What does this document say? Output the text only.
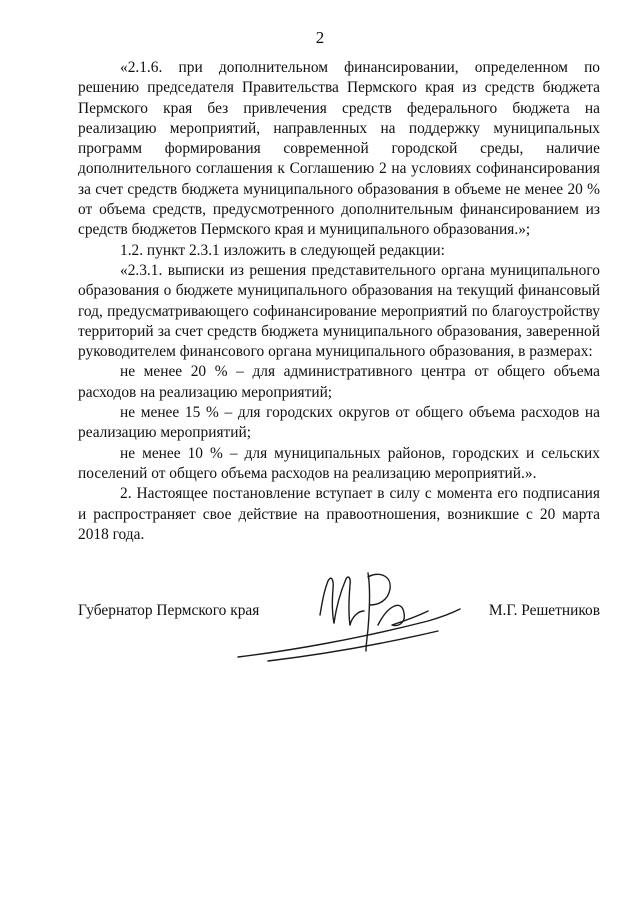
2

«2.1.6. при дополнительном финансировании, определенном по решению председателя Правительства Пермского края из средств бюджета Пермского края без привлечения средств федерального бюджета на реализацию мероприятий, направленных на поддержку муниципальных программ формирования современной городской среды, наличие дополнительного соглашения к Соглашению 2 на условиях софинансирования за счет средств бюджета муниципального образования в объеме не менее 20 % от объема средств, предусмотренного дополнительным финансированием из средств бюджетов Пермского края и муниципального образования.»;

1.2. пункт 2.3.1 изложить в следующей редакции:

«2.3.1. выписки из решения представительного органа муниципального образования о бюджете муниципального образования на текущий финансовый год, предусматривающего софинансирование мероприятий по благоустройству территорий за счет средств бюджета муниципального образования, заверенной руководителем финансового органа муниципального образования, в размерах:

не менее 20 % – для административного центра от общего объема расходов на реализацию мероприятий;

не менее 15 % – для городских округов от общего объема расходов на реализацию мероприятий;

не менее 10 % – для муниципальных районов, городских и сельских поселений от общего объема расходов на реализацию мероприятий.».

2. Настоящее постановление вступает в силу с момента его подписания и распространяет свое действие на правоотношения, возникшие с 20 марта 2018 года.

Губернатор Пермского края	М.Г. Решетников
